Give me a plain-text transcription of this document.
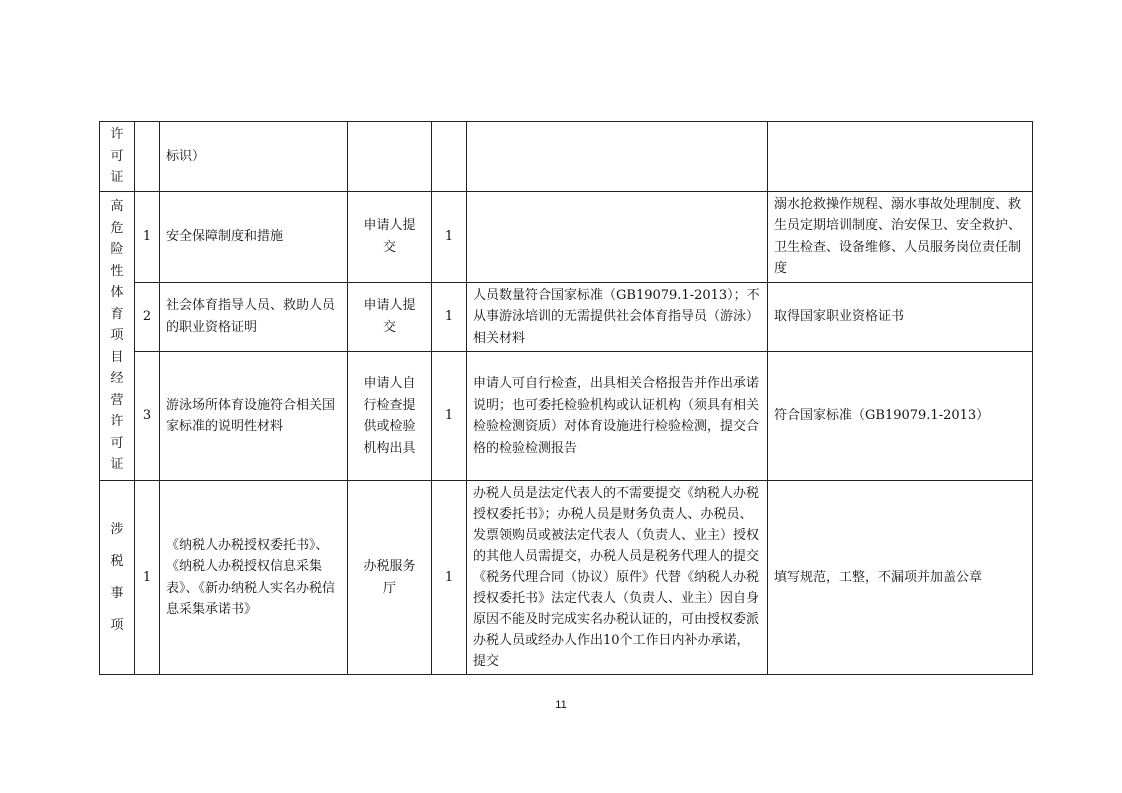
许可证		标识）				

高危险性体育项目经营许可证	1	安全保障制度和措施	申请人提交	1		溺水抢救操作规程、溺水事故处理制度、救生员定期培训制度、治安保卫、安全救护、卫生检查、设备维修、人员服务岗位责任制度
	2	社会体育指导人员、救助人员的职业资格证明	申请人提交	1	人员数量符合国家标准（GB19079.1-2013）；不从事游泳培训的无需提供社会体育指导员（游泳）相关材料	取得国家职业资格证书
	3	游泳场所体育设施符合相关国家标准的说明性材料	申请人自行检查提供或检验机构出具	1	申请人可自行检查，出具相关合格报告并作出承诺说明；也可委托检验机构或认证机构（须具有相关检验检测资质）对体育设施进行检验检测，提交合格的检验检测报告	符合国家标准（GB19079.1-2013）

涉税事项	1	《纳税人办税授权委托书》、《纳税人办税授权信息采集表》、《新办纳税人实名办税信息采集承诺书》	办税服务厅	1	办税人员是法定代表人的不需要提交《纳税人办税授权委托书》；办税人员是财务负责人、办税员、发票领购员或被法定代表人（负责人、业主）授权的其他人员需提交，办税人员是税务代理人的提交《税务代理合同（协议）原件》代替《纳税人办税授权委托书》法定代表人（负责人、业主）因自身原因不能及时完成实名办税认证的，可由授权委派办税人员或经办人作出10个工作日内补办承诺，提交	填写规范，工整，不漏项并加盖公章
11
